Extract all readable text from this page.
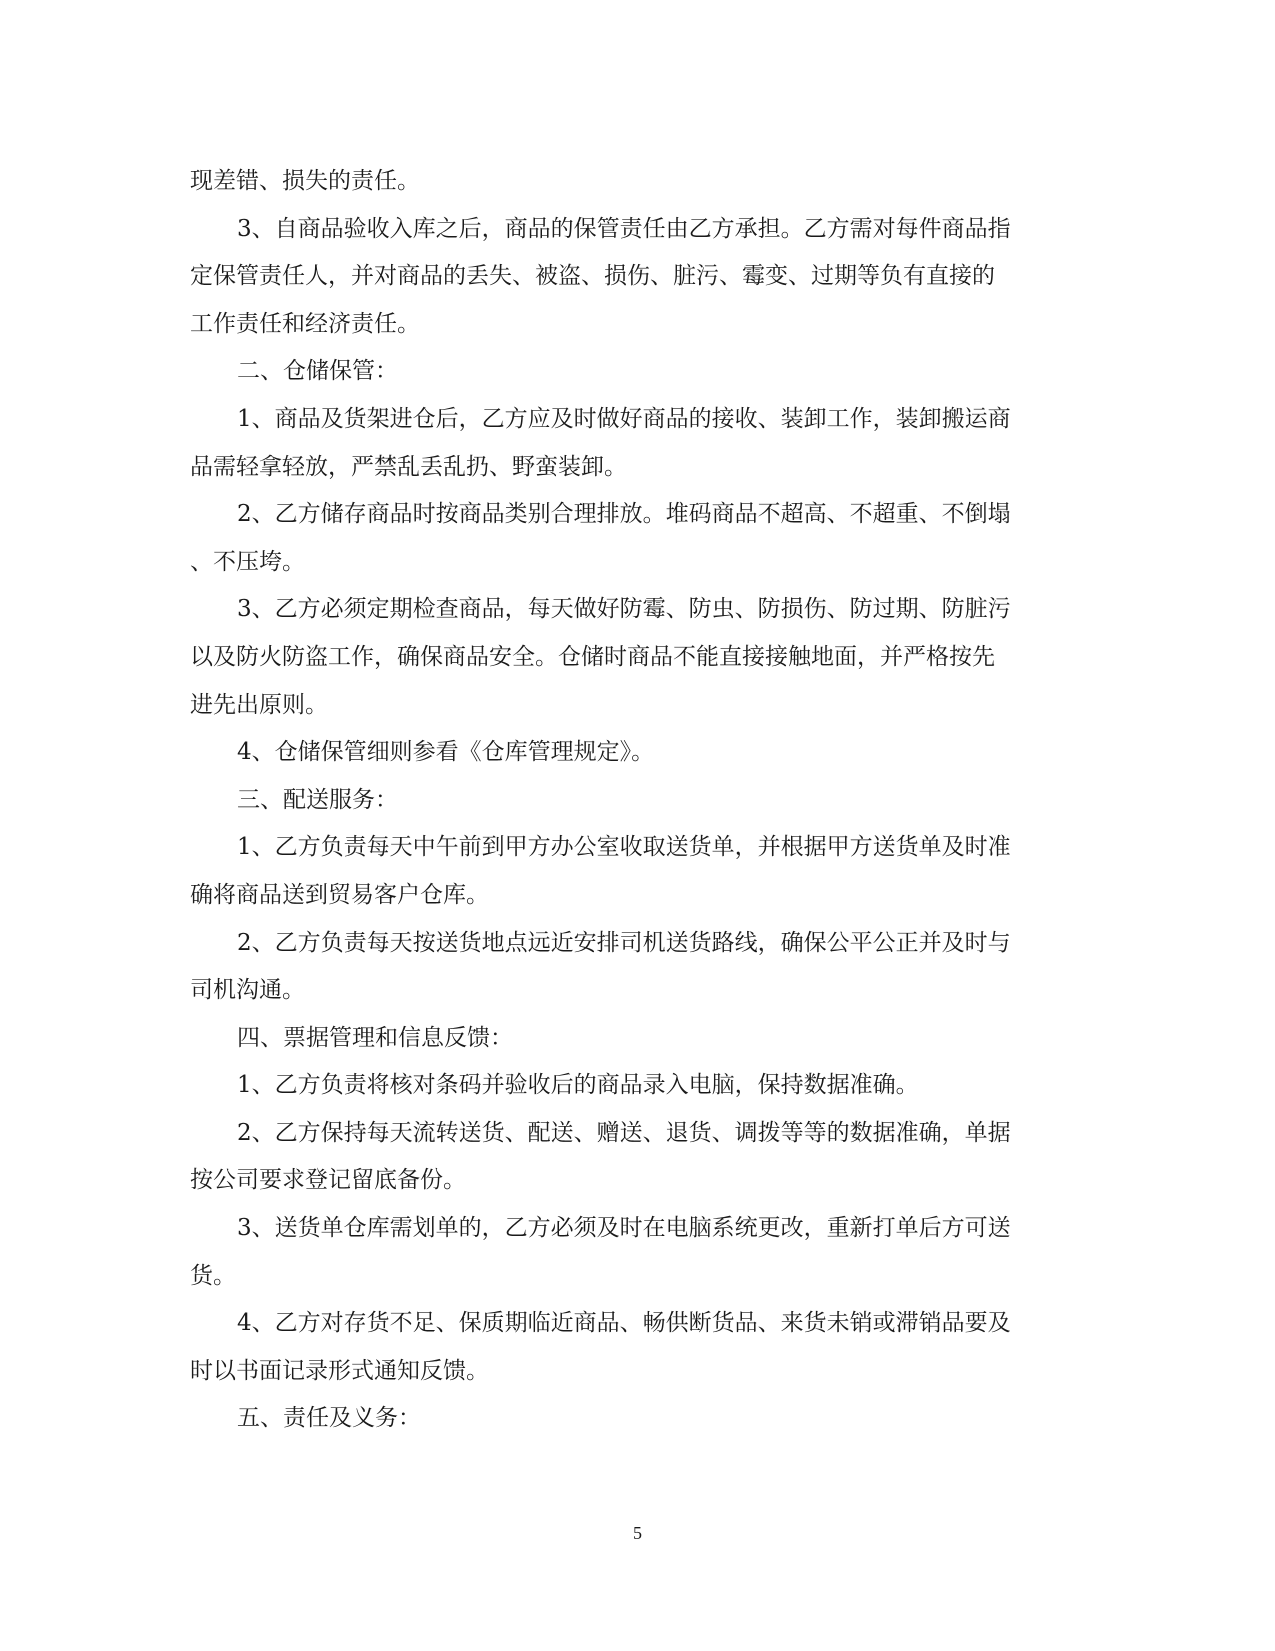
现差错、损失的责任。
3、自商品验收入库之后，商品的保管责任由乙方承担。乙方需对每件商品指
定保管责任人，并对商品的丢失、被盗、损伤、脏污、霉变、过期等负有直接的
工作责任和经济责任。
二、仓储保管：
1、商品及货架进仓后，乙方应及时做好商品的接收、装卸工作，装卸搬运商
品需轻拿轻放，严禁乱丢乱扔、野蛮装卸。
2、乙方储存商品时按商品类别合理排放。堆码商品不超高、不超重、不倒塌
、不压垮。
3、乙方必须定期检查商品，每天做好防霉、防虫、防损伤、防过期、防脏污
以及防火防盗工作，确保商品安全。仓储时商品不能直接接触地面，并严格按先
进先出原则。
4、仓储保管细则参看《仓库管理规定》。
三、配送服务：
1、乙方负责每天中午前到甲方办公室收取送货单，并根据甲方送货单及时准
确将商品送到贸易客户仓库。
2、乙方负责每天按送货地点远近安排司机送货路线，确保公平公正并及时与
司机沟通。
四、票据管理和信息反馈：
1、乙方负责将核对条码并验收后的商品录入电脑，保持数据准确。
2、乙方保持每天流转送货、配送、赠送、退货、调拨等等的数据准确，单据
按公司要求登记留底备份。
3、送货单仓库需划单的，乙方必须及时在电脑系统更改，重新打单后方可送
货。
4、乙方对存货不足、保质期临近商品、畅供断货品、来货未销或滞销品要及
时以书面记录形式通知反馈。
五、责任及义务：
5
